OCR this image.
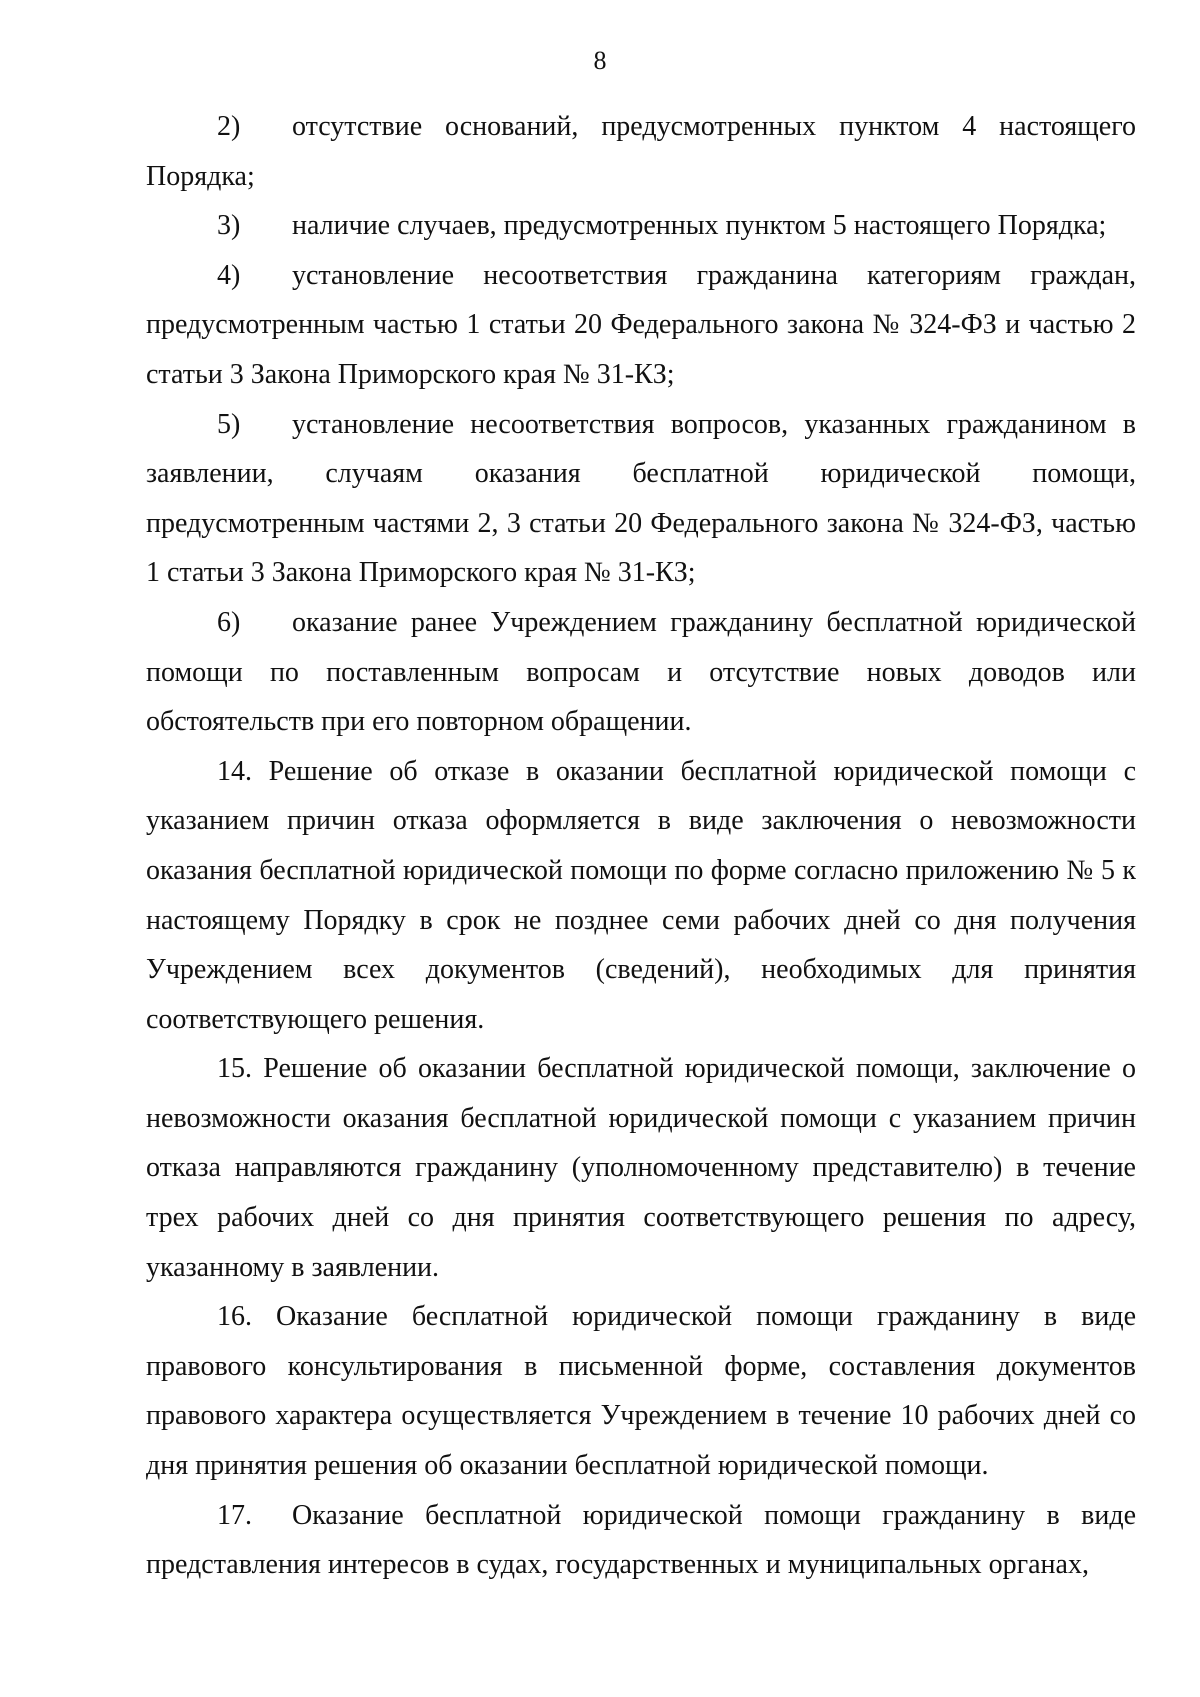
8

2) отсутствие оснований, предусмотренных пунктом 4 настоящего Порядка;

3) наличие случаев, предусмотренных пунктом 5 настоящего Порядка;

4) установление несоответствия гражданина категориям граждан, предусмотренным частью 1 статьи 20 Федерального закона № 324-ФЗ и частью 2 статьи 3 Закона Приморского края № 31-КЗ;

5) установление несоответствия вопросов, указанных гражданином в заявлении, случаям оказания бесплатной юридической помощи, предусмотренным частями 2, 3 статьи 20 Федерального закона № 324-ФЗ, частью 1 статьи 3 Закона Приморского края № 31-КЗ;

6) оказание ранее Учреждением гражданину бесплатной юридической помощи по поставленным вопросам и отсутствие новых доводов или обстоятельств при его повторном обращении.

14. Решение об отказе в оказании бесплатной юридической помощи с указанием причин отказа оформляется в виде заключения о невозможности оказания бесплатной юридической помощи по форме согласно приложению № 5 к настоящему Порядку в срок не позднее семи рабочих дней со дня получения Учреждением всех документов (сведений), необходимых для принятия соответствующего решения.

15. Решение об оказании бесплатной юридической помощи, заключение о невозможности оказания бесплатной юридической помощи с указанием причин отказа направляются гражданину (уполномоченному представителю) в течение трех рабочих дней со дня принятия соответствующего решения по адресу, указанному в заявлении.

16. Оказание бесплатной юридической помощи гражданину в виде правового консультирования в письменной форме, составления документов правового характера осуществляется Учреждением в течение 10 рабочих дней со дня принятия решения об оказании бесплатной юридической помощи.

17. Оказание бесплатной юридической помощи гражданину в виде представления интересов в судах, государственных и муниципальных органах,
